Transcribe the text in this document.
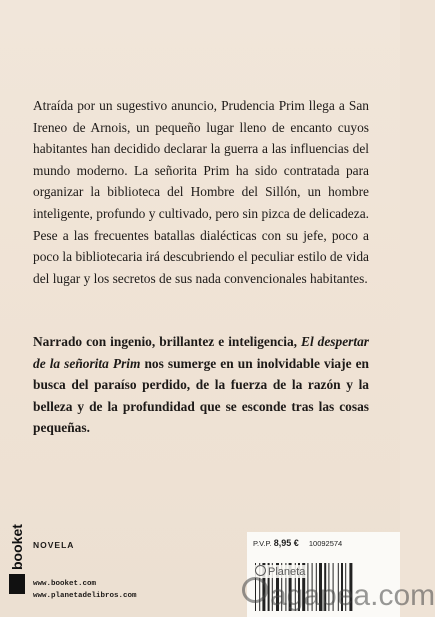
Atraída por un sugestivo anuncio, Prudencia Prim llega a San Ireneo de Arnois, un pequeño lugar lleno de encanto cuyos habitantes han decidido declarar la guerra a las influencias del mundo moderno. La señorita Prim ha sido contratada para organizar la biblioteca del Hombre del Sillón, un hombre inteligente, profundo y cultivado, pero sin pizca de delicadeza. Pese a las frecuentes batallas dialécticas con su jefe, poco a poco la bibliotecaria irá descubriendo el peculiar estilo de vida del lugar y los secretos de sus nada convencionales habitantes.

Narrado con ingenio, brillantez e inteligencia, El despertar de la señorita Prim nos sumerge en un inolvidable viaje en busca del paraíso perdido, de la fuerza de la razón y la belleza y de la profundidad que se esconde tras las cosas pequeñas.

booket NOVELA
www.booket.com
www.planetadelibros.com
P.V.P. 8,95 € 10092574
Planeta
agapea.com
